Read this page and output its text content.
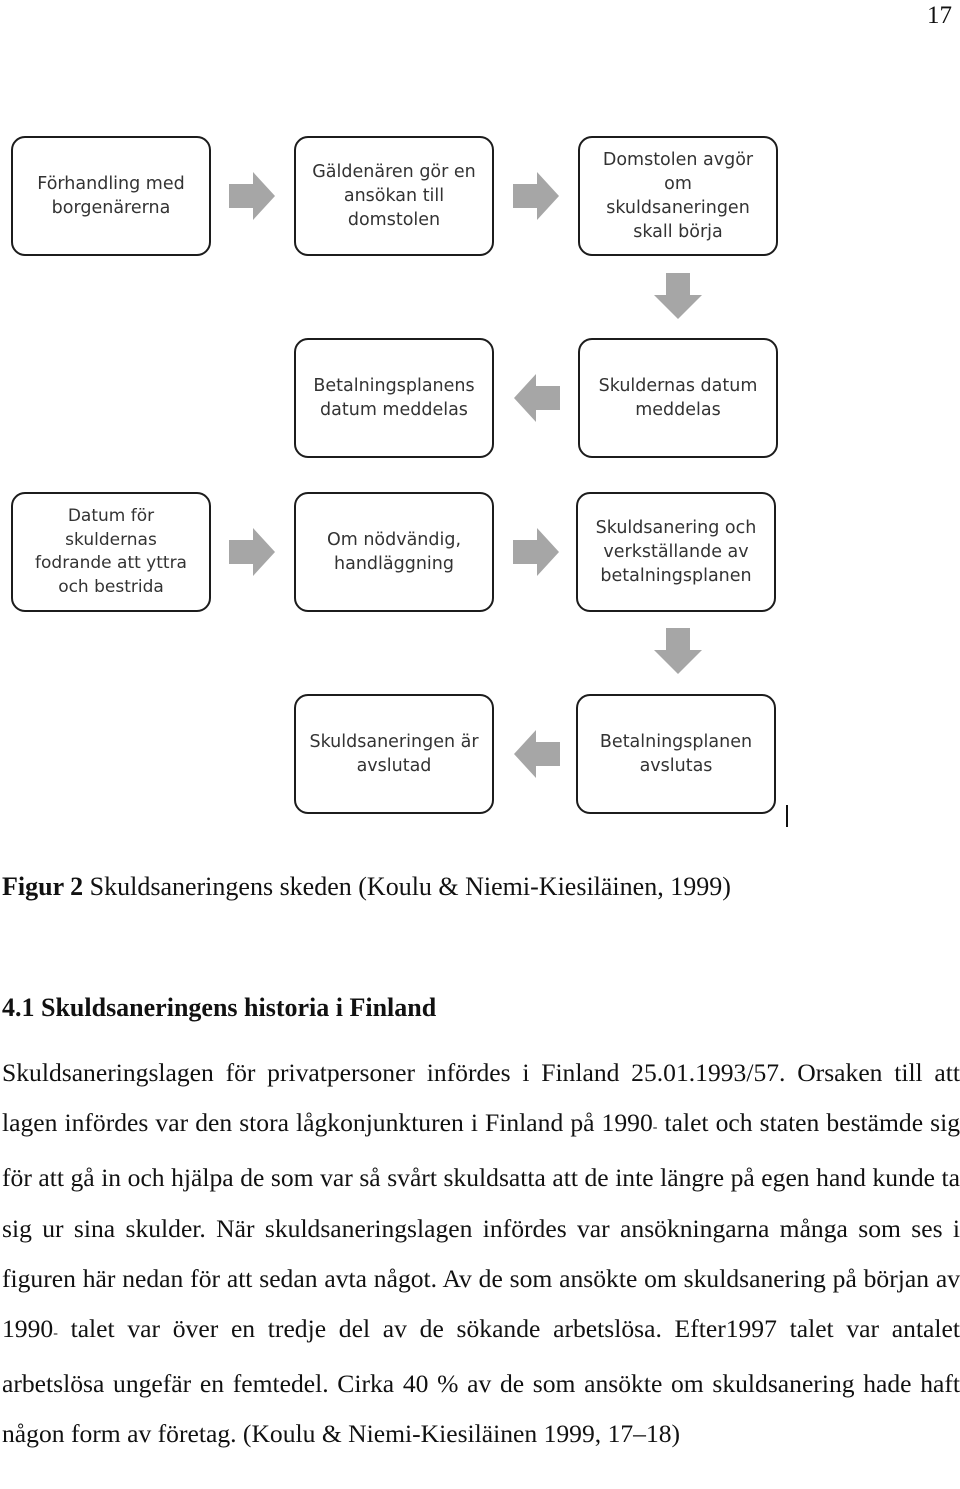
17
Förhandling med
borgenärerna
Gäldenären gör en
ansökan till
domstolen
Domstolen avgör
om skuldsaneringen
skall börja
Betalningsplanens
datum meddelas
Skuldernas datum
meddelas
Datum för
skuldernas
fodrande att yttra
och bestrida
Om nödvändig,
handläggning
Skuldsanering och
verkställande av
betalningsplanen
Skuldsaneringen är
avslutad
Betalningsplanen
avslutas
Figur 2 Skuldsaneringens skeden (Koulu & Niemi-Kiesiläinen, 1999)
4.1 Skuldsaneringens historia i Finland

Skuldsaneringslagen för privatpersoner infördes i Finland 25.01.1993/57. Orsaken till att lagen infördes var den stora lågkonjunkturen i Finland på 1990- talet och staten bestämde sig för att gå in och hjälpa de som var så svårt skuldsatta att de inte längre på egen hand kunde ta sig ur sina skulder. När skuldsaneringslagen infördes var ansökningarna många som ses i figuren här nedan för att sedan avta något. Av de som ansökte om skuldsanering på början av 1990- talet var över en tredje del av de sökande arbetslösa. Efter1997 talet var antalet arbetslösa ungefär en femtedel. Cirka 40 % av de som ansökte om skuldsanering hade haft någon form av företag. (Koulu & Niemi-Kiesiläinen 1999, 17–18)
